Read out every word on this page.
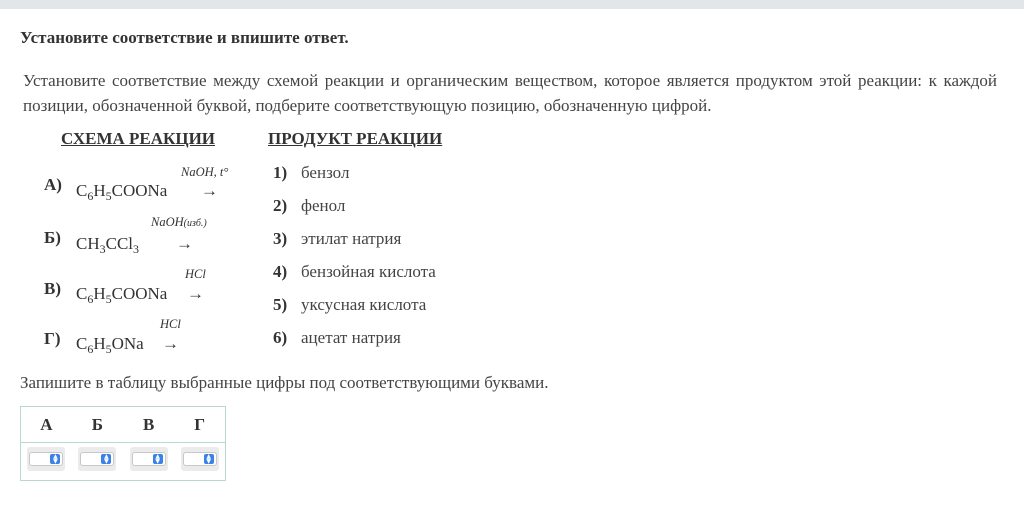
Установите соответствие и впишите ответ.
Установите соответствие между схемой реакции и органическим веществом, которое является продуктом этой реакции: к каждой позиции, обозначенной буквой, подберите соответствующую позицию, обозначенную цифрой.
СХЕМА РЕАКЦИИ	ПРОДУКТ РЕАКЦИИ
А) $C_6H_5COONa$
NaOH, t°
→
Б) $CH_3CCl_3$
NaOH(изб.)
→
В) $C_6H_5COONa$
HCl
→
Г) $C_6H_5ONa$
HCl
→
1) бензол
2) фенол
3) этилат натрия
4) бензойная кислота
5) уксусная кислота
6) ацетат натрия
Запишите в таблицу выбранные цифры под соответствующими буквами.
А	Б	В	Г

▲
▼	▲
▼	▲
▼	▲
▼
